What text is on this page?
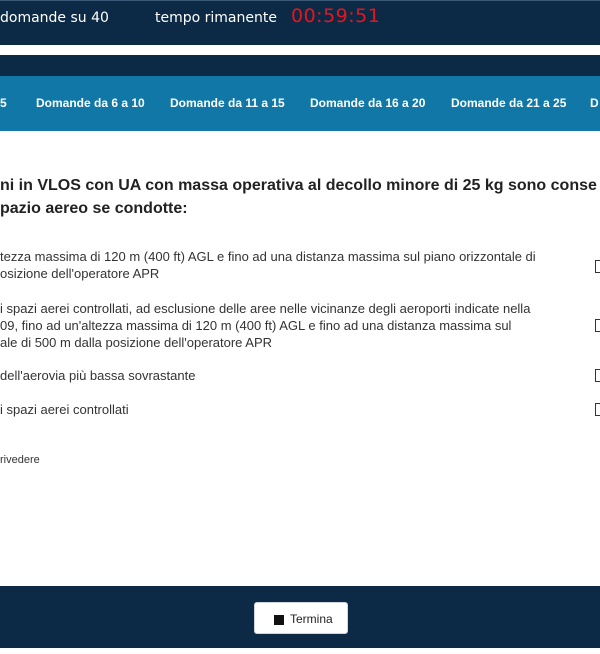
domande su 40	tempo rimanente 00:59:51
5 Domande da 6 a 10 Domande da 11 a 15 Domande da 16 a 20 Domande da 21 a 25 D
ni in VLOS con UA con massa operativa al decollo minore di 25 kg sono conse
pazio aereo se condotte:
tezza massima di 120 m (400 ft) AGL e fino ad una distanza massima sul piano orizzontale di
osizione dell'operatore APR
i spazi aerei controllati, ad esclusione delle aree nelle vicinanze degli aeroporti indicate nella
09, fino ad un'altezza massima di 120 m (400 ft) AGL e fino ad una distanza massima sul
ale di 500 m dalla posizione dell'operatore APR
dell'aerovia più bassa sovrastante
i spazi aerei controllati
rivedere
Termina
